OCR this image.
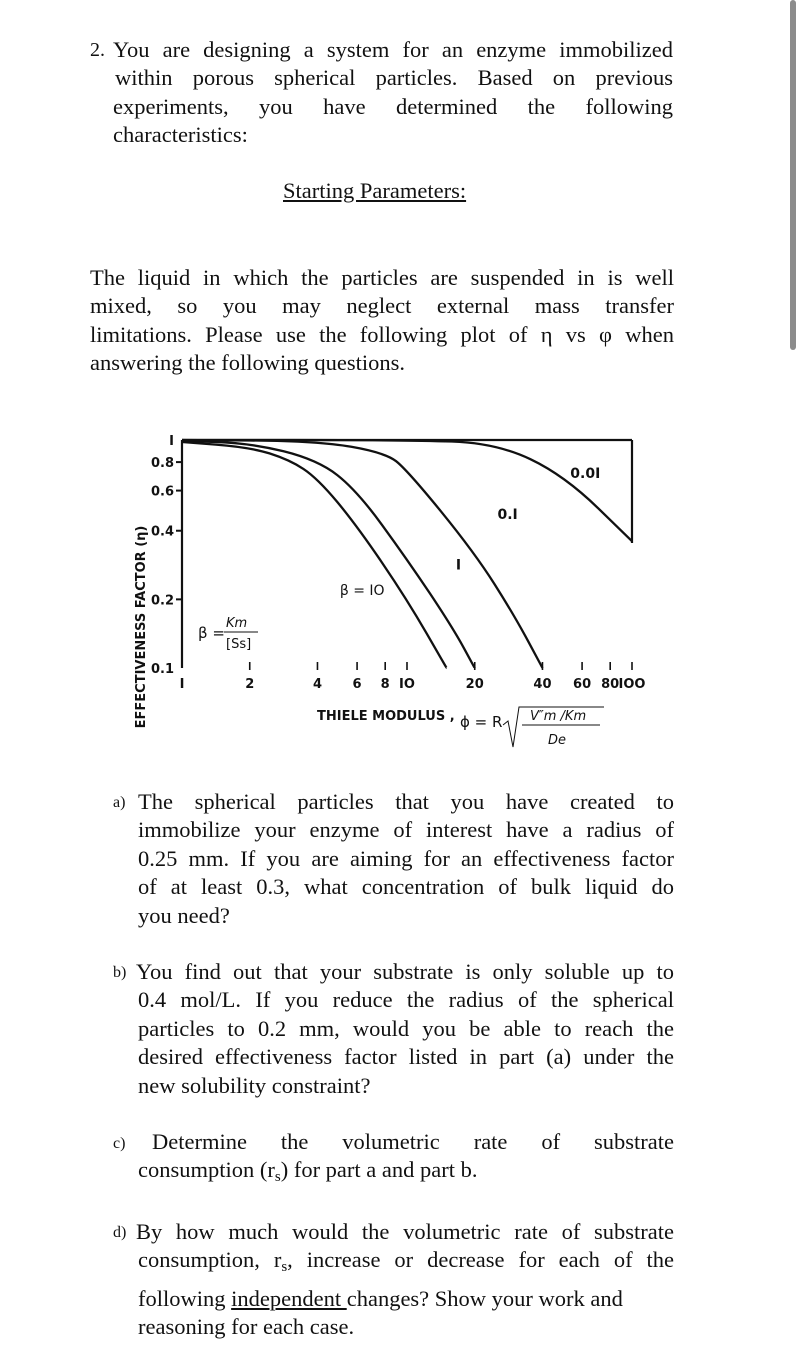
2. You are designing a system for an enzyme immobilized
within porous spherical particles. Based on previous
experiments, you have determined the following
characteristics:
Starting Parameters:
The liquid in which the particles are suspended in is well
mixed, so you may neglect external mass transfer
limitations. Please use the following plot of η vs φ when
answering the following questions.
EFFECTIVENESS FACTOR (η)
I
0.8
0.6
0.4
0.2
0.1
I	2	4 6 8 IO	20	40 60 80 IOO
β = IO
I
0.I
0.0I
β =
Km
[Ss]
THIELE MODULUS , ϕ = R V″m /Km
De
a) The spherical particles that you have created to
immobilize your enzyme of interest have a radius of
0.25 mm. If you are aiming for an effectiveness factor
of at least 0.3, what concentration of bulk liquid do
you need?
b) You find out that your substrate is only soluble up to
0.4 mol/L. If you reduce the radius of the spherical
particles to 0.2 mm, would you be able to reach the
desired effectiveness factor listed in part (a) under the
new solubility constraint?
c) Determine the volumetric rate of substrate
consumption $(r_s)$ for part a and part b.
d) By how much would the volumetric rate of substrate
consumption, $r_s$, increase or decrease for each of the
following independent changes? Show your work and
reasoning for each case.
